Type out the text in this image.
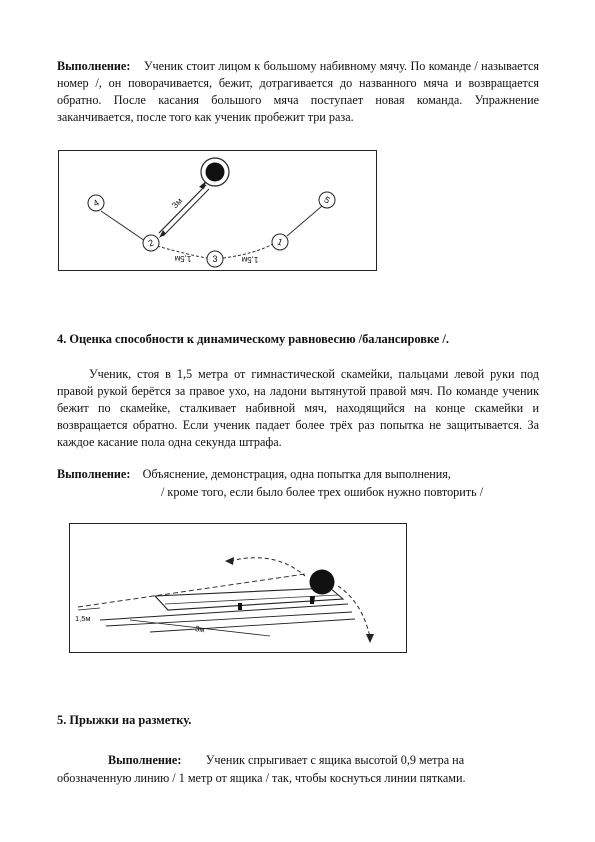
Выполнение: Ученик стоит лицом к большому набивному мячу. По команде / называется номер /, он поворачивается, бежит, дотрагивается до названного мяча и возвращается обратно. После касания большого мяча поступает новая команда. Упражнение заканчивается, после того как ученик пробежит три раза.

4
2
3
1
5
3м
1,5м	1,5м

4. Оценка способности к динамическому равновесию /балансировке /.

Ученик, стоя в 1,5 метра от гимнастической скамейки, пальцами левой руки под правой рукой берётся за правое ухо, на ладони вытянутой правой мяч. По команде ученик бежит по скамейке, сталкивает набивной мяч, находящийся на конце скамейки и возвращается обратно. Если ученик падает более трёх раз попытка не защитывается. За каждое касание пола одна секунда штрафа.

Выполнение: Объяснение, демонстрация, одна попытка для выполнения,

/ кроме того, если было более трех ошибок нужно повторить /

1,5м
3м

5. Прыжки на разметку.

Выполнение: Ученик спрыгивает с ящика высотой 0,9 метра на

обозначенную линию / 1 метр от ящика / так, чтобы коснуться линии пятками.
